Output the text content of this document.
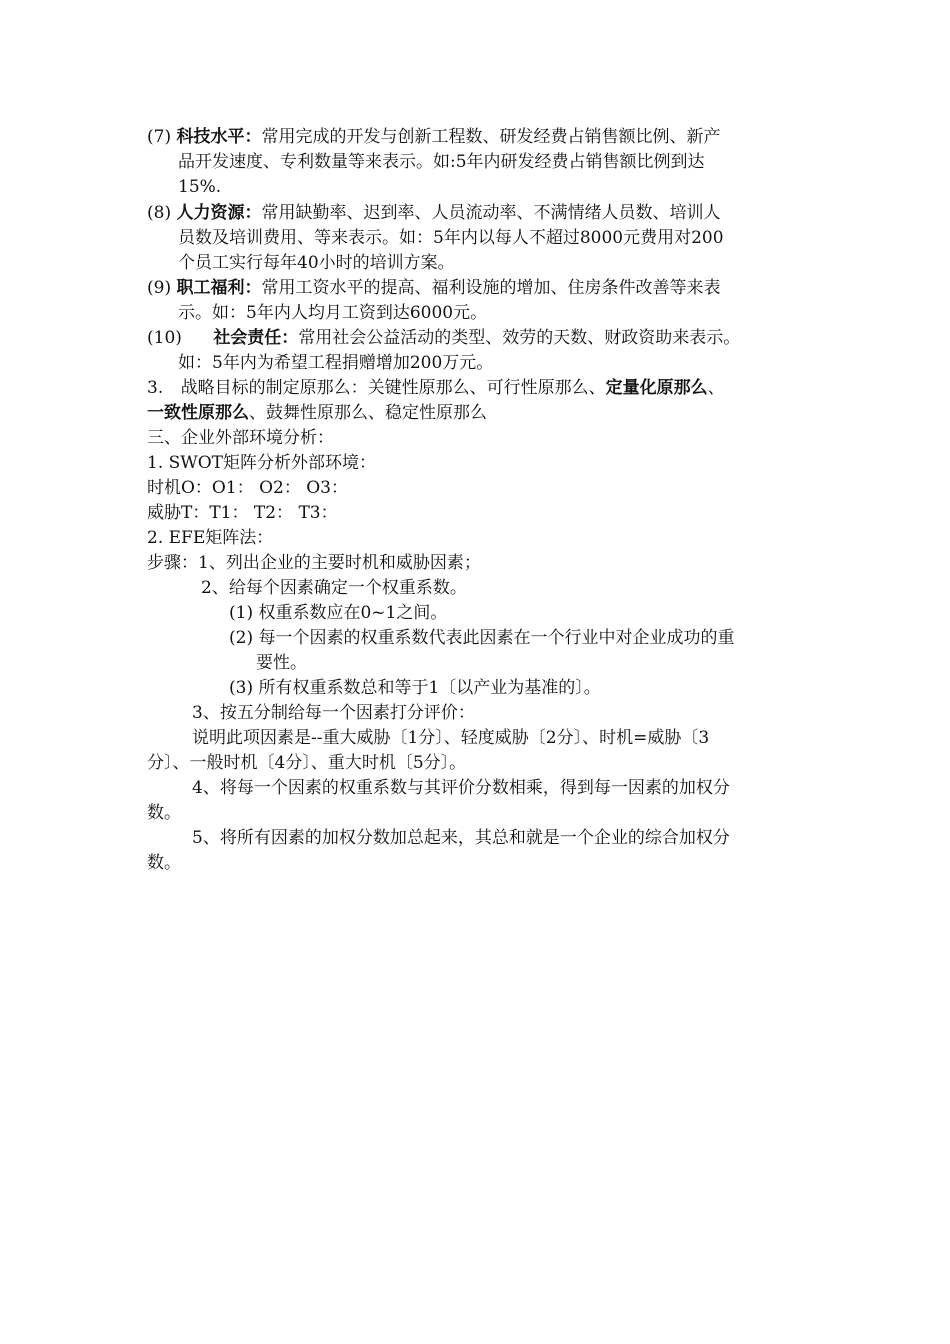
(7) 科技水平：常用完成的开发与创新工程数、研发经费占销售额比例、新产
品开发速度、专利数量等来表示。如:5年内研发经费占销售额比例到达
15%.
(8) 人力资源：常用缺勤率、迟到率、人员流动率、不满情绪人员数、培训人
员数及培训费用、等来表示。如：5年内以每人不超过8000元费用对200
个员工实行每年40小时的培训方案。
(9) 职工福利：常用工资水平的提高、福利设施的增加、住房条件改善等来表
示。如：5年内人均月工资到达6000元。
(10) 社会责任：常用社会公益活动的类型、效劳的天数、财政资助来表示。
如：5年内为希望工程捐赠增加200万元。
3. 战略目标的制定原那么：关键性原那么、可行性原那么、定量化原那么、
一致性原那么、鼓舞性原那么、稳定性原那么
三、企业外部环境分析：
1. SWOT矩阵分析外部环境：
时机O：O1： O2： O3：
威胁T：T1： T2： T3：
2. EFE矩阵法：
步骤：1、列出企业的主要时机和威胁因素；
2、给每个因素确定一个权重系数。
(1) 权重系数应在0~1之间。
(2) 每一个因素的权重系数代表此因素在一个行业中对企业成功的重
要性。
(3) 所有权重系数总和等于1〔以产业为基准的〕。
3、按五分制给每一个因素打分评价：
说明此项因素是--重大威胁〔1分〕、轻度威胁〔2分〕、时机=威胁〔3
分〕、一般时机〔4分〕、重大时机〔5分〕。
4、将每一个因素的权重系数与其评价分数相乘，得到每一因素的加权分
数。
5、将所有因素的加权分数加总起来，其总和就是一个企业的综合加权分
数。
